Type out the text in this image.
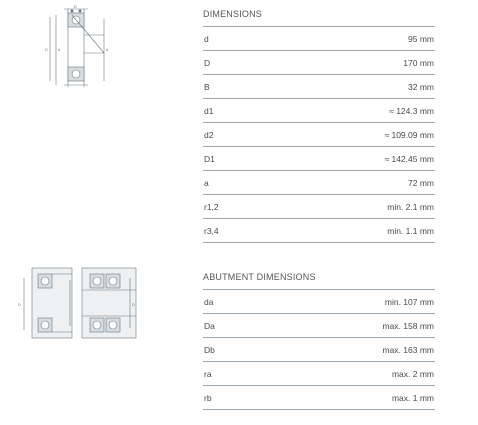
D	d	d
B
D	D
DIMENSIONS
d	95 mm
D	170 mm
B	32 mm
d1	≈ 124.3 mm
d2	≈ 109.09 mm
D1	≈ 142.45 mm
a	72 mm
r1,2	min. 2.1 mm
r3,4	min. 1.1 mm
ABUTMENT DIMENSIONS
da	min. 107 mm
Da	max. 158 mm
Db	max. 163 mm
ra	max. 2 mm
rb	max. 1 mm
